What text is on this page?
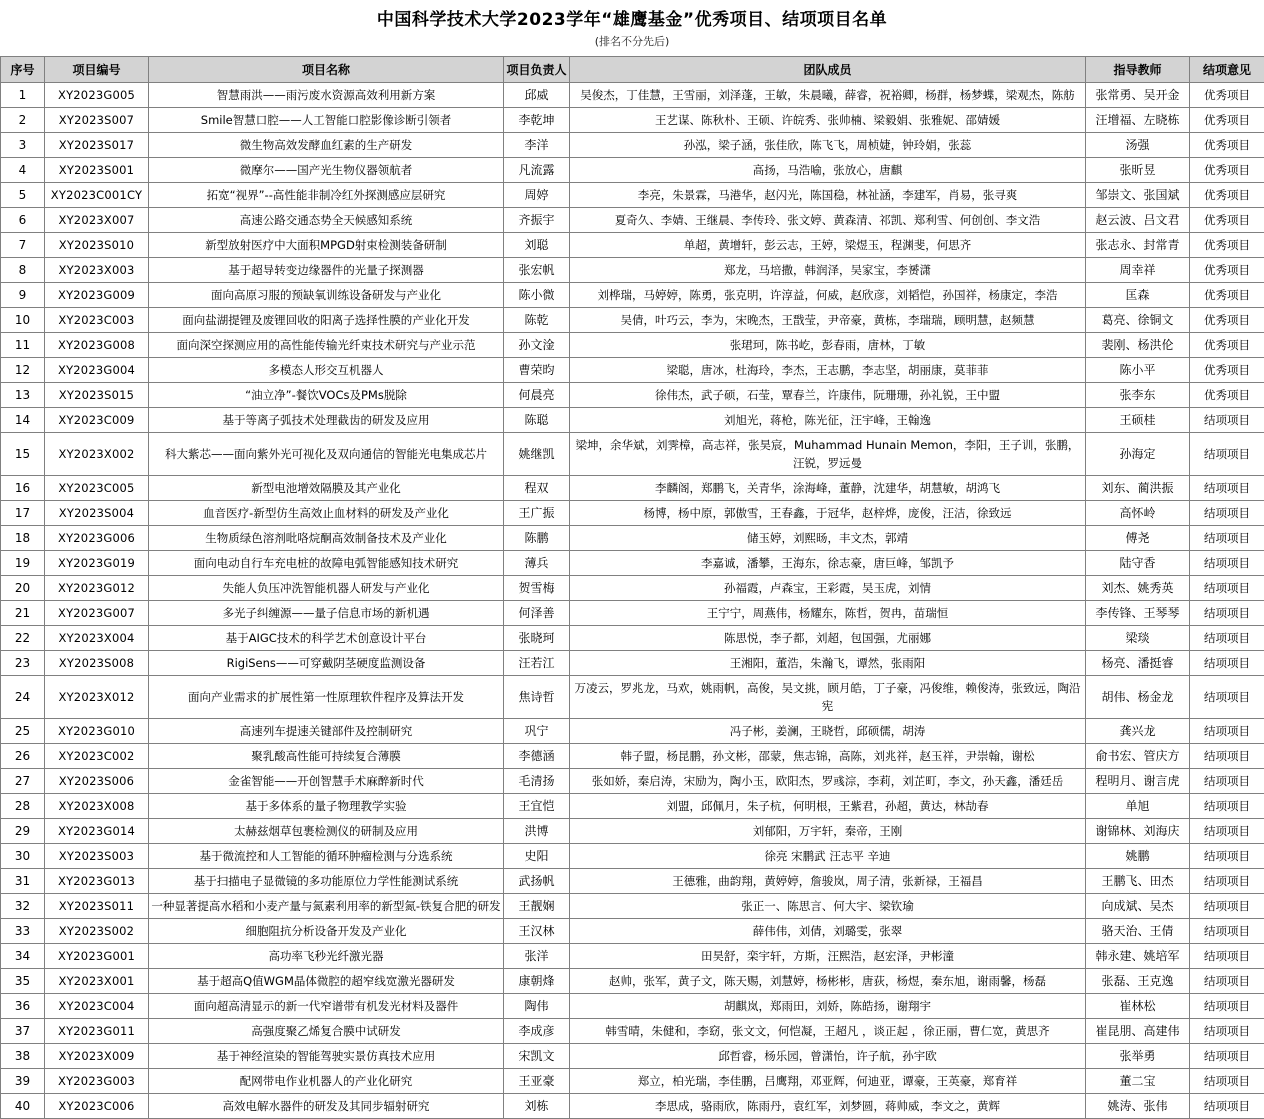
中国科学技术大学2023学年“雄鹰基金”优秀项目、结项项目名单
(排名不分先后)
序号	项目编号	项目名称	项目负责人	团队成员	指导教师	结项意见
1	XY2023G005	智慧雨洪——雨污废水资源高效利用新方案	邱威	吴俊杰，丁佳慧，王雪丽，刘泽蓬，王敏，朱晨曦，薛睿，祝裕卿，杨群，杨梦蝶，梁观杰，陈舫	张常勇、吴开金	优秀项目
2	XY2023S007	Smile智慧口腔——人工智能口腔影像诊断引领者	李乾坤	王艺谋、陈秋朴、王硕、许皖秀、张帅楠、梁毅娟、张雅妮、邵婧媛	汪增福、左晓栋	优秀项目
3	XY2023S017	微生物高效发酵血红素的生产研发	李洋	孙泓，梁子涵，张佳欣，陈飞飞，周桢婕，钟玲娟，张蕊	汤强	优秀项目
4	XY2023S001	微摩尔——国产光生物仪器领航者	凡流露	高扬，马浩喻，张放心，唐麒	张昕昱	优秀项目
5	XY2023C001CY	拓宽“视界”--高性能非制冷红外探测感应层研究	周婷	李亮，朱景霖，马港华，赵闪光，陈国稳，林祉涵，李建军，肖易，张寻爽	邹崇文、张国斌	优秀项目
6	XY2023X007	高速公路交通态势全天候感知系统	齐振宇	夏奇久、李婧、王继晨、李传玲、张文婷、黄森清、祁凯、郑利雪、何创创、李文浩	赵云波、吕文君	优秀项目
7	XY2023S010	新型放射医疗中大面积MPGD射束检测装备研制	刘聪	单超，黄增轩，彭云志，王婷，梁煜玉，程渊斐，何思齐	张志永、封常青	优秀项目
8	XY2023X003	基于超导转变边缘器件的光量子探测器	张宏帆	郑龙，马培撒，韩润泽，吴家宝，李赟潇	周幸祥	优秀项目
9	XY2023G009	面向高原习服的预缺氧训练设备研发与产业化	陈小微	刘桦瑞，马婷婷，陈勇，张克明，许淳益，何威，赵欣彦，刘韬恺，孙国祥，杨康定，李浩	匡森	优秀项目
10	XY2023C003	面向盐湖提锂及废锂回收的阳离子选择性膜的产业化开发	陈乾	吴倩，叶巧云，李为，宋晚杰，王戬莹，尹帝豪，黄栋，李瑞瑞，顾明慧，赵频慧	葛亮、徐铜文	优秀项目
11	XY2023G008	面向深空探测应用的高性能传输光纤束技术研究与产业示范	孙文淦	张珺珂，陈书屹，彭春雨，唐林，丁敏	裴刚、杨洪伦	优秀项目
12	XY2023G004	多模态人形交互机器人	曹荣昀	梁聪，唐冰，杜海玲，李杰，王志鹏，李志坚，胡丽康，莫菲菲	陈小平	优秀项目
13	XY2023S015	“油立净”-餐饮VOCs及PMs脱除	何晨亮	徐伟杰，武子硕，石莹，覃春兰，许康伟，阮珊珊，孙礼锐，王中盟	张李东	优秀项目
14	XY2023C009	基于等离子弧技术处理截齿的研发及应用	陈聪	刘旭光，蒋枪，陈光征，汪宇峰，王翰逸	王硕桂	结项项目
15	XY2023X002	科大紫芯——面向紫外光可视化及双向通信的智能光电集成芯片	姚继凯	梁坤，余华斌，刘霁樟，高志祥，张昊宸，Muhammad Hunain Memon，李阳，王子训，张鹏，汪锐，罗远曼	孙海定	结项项目
16	XY2023C005	新型电池增效隔膜及其产业化	程双	李麟阁，郑鹏飞，关青华，涂海峰，董静，沈建华，胡慧敏，胡鸿飞	刘东、蔺洪振	结项项目
17	XY2023S004	血音医疗-新型仿生高效止血材料的研发及产业化	王广振	杨博，杨中原，郭傲雪，王春鑫，于冠华，赵梓烨，庞俊，汪洁，徐致远	高怀岭	结项项目
18	XY2023G006	生物质绿色溶剂吡咯烷酮高效制备技术及产业化	陈鹏	储玉婷，刘熙旸，丰文杰，郭靖	傅尧	结项项目
19	XY2023G019	面向电动自行车充电桩的故障电弧智能感知技术研究	薄兵	李嘉诚，潘攀，王海东，徐志豪，唐巨峰，邹凯予	陆守香	结项项目
20	XY2023G012	失能人负压冲洗智能机器人研发与产业化	贺雪梅	孙福霞，卢森宝，王彩霞，吴玉虎，刘情	刘杰、姚秀英	结项项目
21	XY2023G007	多光子纠缠源——量子信息市场的新机遇	何泽善	王宁宁，周燕伟，杨耀东，陈哲，贺冉，苗瑞恒	李传锋、王琴琴	结项项目
22	XY2023X004	基于AIGC技术的科学艺术创意设计平台	张晓珂	陈思悦，李子都，刘超，包国强，尤丽娜	梁琰	结项项目
23	XY2023S008	RigiSens——可穿戴阴茎硬度监测设备	汪若江	王湘阳，董浩，朱瀚飞，谭然，张雨阳	杨亮、潘挺睿	结项项目
24	XY2023X012	面向产业需求的扩展性第一性原理软件程序及算法开发	焦诗哲	万凌云，罗兆龙，马欢，姚雨帆，高俊，吴文挑，顾月皓，丁子豪，冯俊维，赖俊涛，张致远，陶沿宪	胡伟、杨金龙	结项项目
25	XY2023G010	高速列车提速关键部件及控制研究	巩宁	冯子彬，姜澜，王晓哲，邱硕儒，胡涛	龚兴龙	结项项目
26	XY2023C002	聚乳酸高性能可持续复合薄膜	李德涵	韩子盟，杨昆鹏，孙文彬，邵蒙，焦志锦，高陈，刘兆祥，赵玉祥，尹崇翰，谢松	俞书宏、管庆方	结项项目
27	XY2023S006	金雀智能——开创智慧手术麻醉新时代	毛清扬	张如娇，秦启涛，宋励为，陶小玉，欧阳杰，罗彧淙，李莉，刘芷町，李文，孙天鑫，潘廷岳	程明月、谢言虎	结项项目
28	XY2023X008	基于多体系的量子物理教学实验	王宜恺	刘盟，邱佩月，朱子杭，何明根，王紫君，孙超，黄达，林劼春	单旭	结项项目
29	XY2023G014	太赫兹烟草包裹检测仪的研制及应用	洪博	刘郁阳，万宇轩，秦帝，王刚	谢锦林、刘海庆	结项项目
30	XY2023S003	基于微流控和人工智能的循环肿瘤检测与分选系统	史阳	徐亮 宋鹏武 汪志平 辛迪	姚鹏	结项项目
31	XY2023G013	基于扫描电子显微镜的多功能原位力学性能测试系统	武扬帆	王德雅，曲韵翔，黄婷婷，詹骏岚，周子清，张新禄，王福昌	王鹏飞、田杰	结项项目
32	XY2023S011	一种显著提高水稻和小麦产量与氮素利用率的新型氮-铁复合肥的研发	王靓娴	张正一、陈思言、何大宇、梁钦瑜	向成斌、吴杰	结项项目
33	XY2023S002	细胞阻抗分析设备开发及产业化	王汉林	薛伟伟，刘倩，刘璐雯，张翠	骆天治、王倩	结项项目
34	XY2023G001	高功率飞秒光纤激光器	张洋	田昊舒，栾宇轩，方斯，汪熙浩，赵宏泽，尹彬潼	韩永建、姚培军	结项项目
35	XY2023X001	基于超高Q值WGM晶体微腔的超窄线宽激光器研发	康朝烽	赵帅，张军，黄子文，陈天赐，刘慧婷，杨彬彬，唐荻，杨煜，秦东旭，谢雨馨，杨磊	张磊、王克逸	结项项目
36	XY2023C004	面向超高清显示的新一代窄谱带有机发光材料及器件	陶伟	胡麒岚，郑雨田，刘娇，陈皓扬，谢翔宇	崔林松	结项项目
37	XY2023G011	高强度聚乙烯复合膜中试研发	李成彦	韩雪晴，朱健和，李窈，张文文，何恺凝，王超凡 ，谈正起 ，徐正丽，曹仁宽，黄思齐	崔昆朋、高建伟	结项项目
38	XY2023X009	基于神经渲染的智能驾驶实景仿真技术应用	宋凯文	邱哲睿，杨乐园，曾潇怡，许子航，孙宇欧	张举勇	结项项目
39	XY2023G003	配网带电作业机器人的产业化研究	王亚豪	郑立，柏光瑞，李佳鹏，吕鹰翔，邓亚辉，何迪亚，谭豪，王英豪，郑育祥	董二宝	结项项目
40	XY2023C006	高效电解水器件的研发及其同步辐射研究	刘栋	李思成，骆雨欣，陈雨丹，袁红军，刘梦圆，蒋帅威，李文之，黄辉	姚涛、张伟	结项项目
